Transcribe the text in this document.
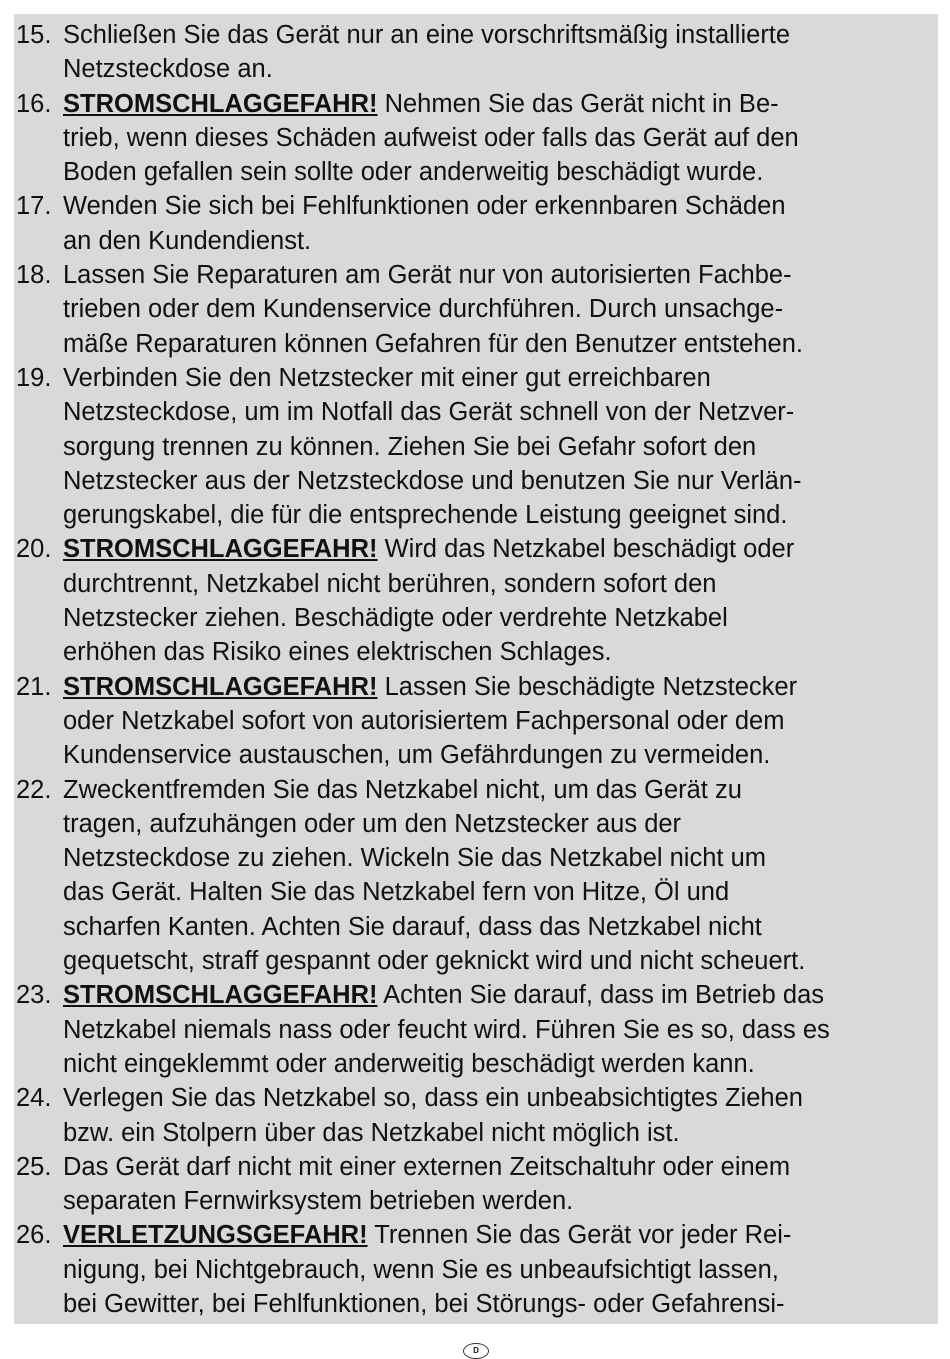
15. Schließen Sie das Gerät nur an eine vorschriftsmäßig installierte
Netzsteckdose an.
16. STROMSCHLAGGEFAHR! Nehmen Sie das Gerät nicht in Be-
trieb, wenn dieses Schäden aufweist oder falls das Gerät auf den
Boden gefallen sein sollte oder anderweitig beschädigt wurde.
17. Wenden Sie sich bei Fehlfunktionen oder erkennbaren Schäden
an den Kundendienst.
18. Lassen Sie Reparaturen am Gerät nur von autorisierten Fachbe-
trieben oder dem Kundenservice durchführen. Durch unsachge-
mäße Reparaturen können Gefahren für den Benutzer entstehen.
19. Verbinden Sie den Netzstecker mit einer gut erreichbaren
Netzsteckdose, um im Notfall das Gerät schnell von der Netzver-
sorgung trennen zu können. Ziehen Sie bei Gefahr sofort den
Netzstecker aus der Netzsteckdose und benutzen Sie nur Verlän-
gerungskabel, die für die entsprechende Leistung geeignet sind.
20. STROMSCHLAGGEFAHR! Wird das Netzkabel beschädigt oder
durchtrennt, Netzkabel nicht berühren, sondern sofort den
Netzstecker ziehen. Beschädigte oder verdrehte Netzkabel
erhöhen das Risiko eines elektrischen Schlages.
21. STROMSCHLAGGEFAHR! Lassen Sie beschädigte Netzstecker
oder Netzkabel sofort von autorisiertem Fachpersonal oder dem
Kundenservice austauschen, um Gefährdungen zu vermeiden.
22. Zweckentfremden Sie das Netzkabel nicht, um das Gerät zu
tragen, aufzuhängen oder um den Netzstecker aus der
Netzsteckdose zu ziehen. Wickeln Sie das Netzkabel nicht um
das Gerät. Halten Sie das Netzkabel fern von Hitze, Öl und
scharfen Kanten. Achten Sie darauf, dass das Netzkabel nicht
gequetscht, straff gespannt oder geknickt wird und nicht scheuert.
23. STROMSCHLAGGEFAHR! Achten Sie darauf, dass im Betrieb das
Netzkabel niemals nass oder feucht wird. Führen Sie es so, dass es
nicht eingeklemmt oder anderweitig beschädigt werden kann.
24. Verlegen Sie das Netzkabel so, dass ein unbeabsichtigtes Ziehen
bzw. ein Stolpern über das Netzkabel nicht möglich ist.
25. Das Gerät darf nicht mit einer externen Zeitschaltuhr oder einem
separaten Fernwirksystem betrieben werden.
26. VERLETZUNGSGEFAHR! Trennen Sie das Gerät vor jeder Rei-
nigung, bei Nichtgebrauch, wenn Sie es unbeaufsichtigt lassen,
bei Gewitter, bei Fehlfunktionen, bei Störungs- oder Gefahrensi-
D
